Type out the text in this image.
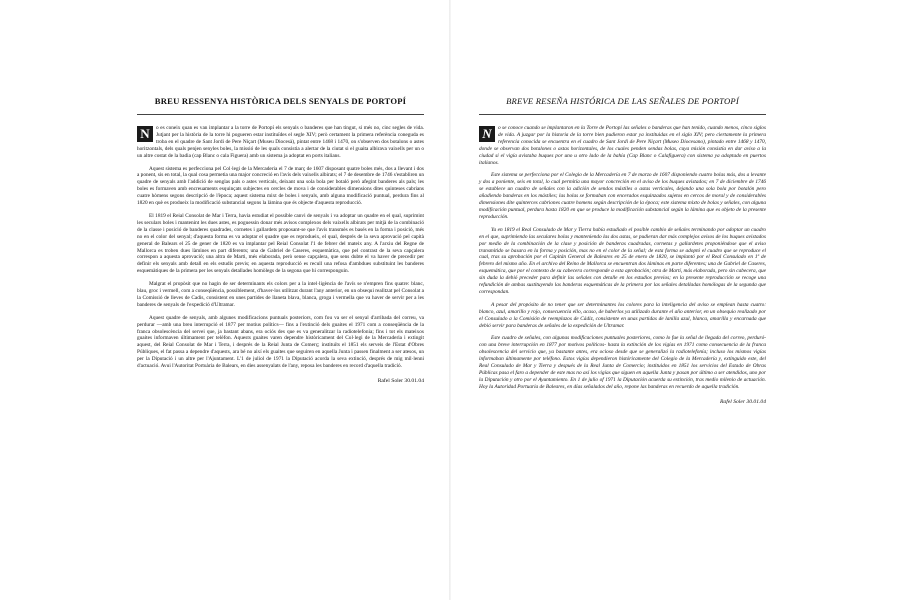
BREU RESSENYA HISTÒRICA DELS SENYALS DE PORTOPÍ

N	o es coneix quan es van implantar a la torre de Portopí els senyals o banderes que han tingut, si més no, cinc segles de vida. Jutjant per la història de la torre hi pogueren estar instituïdes el segle XIV; però certament la primera referència coneguda es troba en el quadre de Sant Jordi de Pere Niçart (Museu Diocesà), pintat entre 1468 i 1470, on s'observen dos botalons o astes horitzontals, dels quals penjen senyles boles, la missió de les quals consistia a alertar de la ciutat si el guaita albirava vaixells per un o un altre costat de la badia (cap Blanc o cala Figuera) amb un sistema ja adoptat en ports italians.

Aquest sistema es perfecciona pel Col·legi de la Mercaderia el 7 de març de 1607 disposant quatre boles més, dos a llevant i dos a ponent, sis en total, la qual cosa permetia una major concreció en l'avís dels vaixells albirats; el 7 de desembre de 1746 s'establiren un quadre de senyals amb l'addició de senglas pals o astes verticals, deixant una sola bola per botaló però afegint banderes als pals; les boles es formaven amb encreuaments esquinçats subjectes en cercles de mova i de considerables dimensions dites quinteses cabrians cuatre hòmens segons descripció de l'època; aquest sistema mixt de boles i senyals, amb alguna modificació puntual, perdura fins al 1820 en què es produeix la modificació substancial segons la làmina que és objecte d'aquesta reproducció.

El 1819 el Reial Consolat de Mar i Terra, havia estudiat el possible canvi de senyals i va adoptar un quadre en el qual, suprimint les seculars boles i mantenint les dues astes, es poguessin donar més avisos complexos dels vaixells albirats per mitjà de la combinació de la classe i posició de banderes quadrades, cornetes i gallardets proposant-se que l'avís transmès es basés en la forma i posició, més no en el color del senyal; d'aquesta forma es va adoptar el quadre que es reprodueix, el qual, després de la seva aprovació pel capità general de Balears el 25 de gener de 1820 es va implantar pel Reial Consolat l'1 de febrer del mateix any. A l'arxiu del Regne de Mallorca es troben dues làmines en part diferents; una de Gabriel de Caseres, esquemàtica, que pel contrast de la seva capçalera correspon a aquesta aprovació; una altra de Marti, més elaborada, però sense capçalera, que sens dubte el va haver de precedir per definir els senyals amb detall en els estudis previs; en aquesta reproducció es recull una refosa d'ambdues substituint les banderes esquemàtiques de la primera per les senyals detallades homòlegs de la segona que hi corresponguin.

Malgrat el propòsit que no hagin de ser determinants els colors per a la intel·ligència de l'avís se n'empren fins quatre: blanc, blau, groc i vermell, com a conseqüència, possiblement, d'haver-los utilitzat durant l'any anterior, en un obsequi realitzat pel Consolat a la Comissió de lleves de Cadis, consistent en unes partides de llaneta blava, blanca, groga i vermella que va haver de servir per a les banderes de senyals de l'expedició d'Ultramar.

Aquest quadre de senyals, amb algunes modificacions puntuals posteriors, com fou va ser el senyal d'arribada del correu, va perdurar —amb una breu interrupció el 1877 per motius polítics— fins a l'extinció dels guaites el 1971 com a conseqüència de la franca obsolescència del servei que, ja bastant abans, era ociós des que es va generalitzar la radiotelefonia; fins i tot els mateixos guaites informaven últimament per telèfon. Aquests guaites varen dependre històricament del Col·legi de la Mercaderia i extingit aquest, del Reial Consolat de Mar i Terra, i després de la Reial Junta de Comerç; instituïts el 1851 els serveis de l'Estat d'Obres Públiques, el fat passa a dependre d'aquests, ara bé no així els guaites que seguiren en aquella Junta i passen finalment a ser atesos, un per la Diputació i un altre per l'Ajuntament. L'1 de juliol de 1971 la Diputació acorda la seva extinció, després de mig mil·lenni d'actuació. Avui l'Autoritat Portuària de Balears, en dies assenyalats de l'any, reposa les banderes en record d'aquella tradició.

Rafel Soler 30.01.04
BREVE RESEÑA HISTÓRICA DE LAS SEÑALES DE PORTOPÍ

N	o se conoce cuando se implantaron en la Torre de Portopí las señales o banderas que han tenido, cuando menos, cinco siglos de vida. A juzgar por la historia de la torre bien pudieron estar ya instituidas en el siglo XIV; pero ciertamente la primera referencia conocida se encuentra en el cuadro de Sant Jordi de Pere Niçart (Museo Diocesano), pintado entre 1468 y 1470, donde se observan dos botalones o astas horizontales, de los cuales penden sendas bolas, cuya misión consistía en dar aviso a la ciudad si el vigía avistaba buques por uno u otro lado de la bahía (Cap Blanc o Calafiguera) con sistema ya adoptado en puertos italianos.

Este sistema se perfecciona por el Colegio de la Mercadería en 7 de marzo de 1607 disponiendo cuatro bolas más, dos a levante y dos a poniente, seis en total, lo cual permitía una mayor concreción en el aviso de los buques avistados; en 7 de diciembre de 1746 se establece un cuadro de señales con la adición de sendos mástiles o astas verticales, dejando una sola bola por botalón pero añadiendo banderas en los mástiles; las bolas se formaban con encerados esquinzados sujetos en cercos de moral y de considerables dimensiones dite quinterces cabriones cuatre homens según descripción de la época; este sistema mixto de bolas y señales, con alguna modificación puntual, perdura hasta 1820 en que se produce la modificación substancial según la lámina que es objeto de la presente reproducción.

Ya en 1819 el Real Consulado de Mar y Tierra había estudiado el posible cambio de señales terminando por adoptar un cuadro en el que, suprimiendo las seculares bolas y manteniendo las dos astas, se pudieran dar más complejos avisos de los buques avistados por medio de la combinación de la clase y posición de banderas cuadradas, cornetas y gallardetes proponiéndose que el aviso transmitido se basara en la forma y posición, mas no en el color de la señal; de esta forma se adoptó el cuadro que se reproduce el cual, tras su aprobación por el Capitán General de Baleares en 25 de enero de 1820, se implantó por el Real Consulado en 1º de febrero del mismo año. En el archivo del Reino de Mallorca se encuentran dos láminas en parte diferentes; una de Gabriel de Caseres, esquemática, que por el contexto de su cabecera corresponde a esta aprobación; otra de Martí, más elaborada, pero sin cabecera, que sin duda la debió preceder para definir las señales con detalle en los estudios previos; en la presente reproducción se recoge una refundición de ambas sustituyendo las banderas esquemáticas de la primera por las señales detalladas homólogas de la segunda que correspondan.

A pesar del propósito de no tener que ser determinantes los colores para la inteligencia del aviso se emplean hasta cuatro: blanco, azul, amarillo y rojo, consecuencia ello, acaso, de haberlos ya utilizado durante el año anterior, en un obsequio realizado por el Consulado a la Comisión de reemplazos de Cádiz, consistente en unas partidas de lanilla azul, blanca, amarilla y encarnada que debió servir para banderas de señales de la expedición de Ultramar.

Este cuadro de señales, con algunas modificaciones puntuales posteriores, como lo fue la señal de llegada del correo, perduró- con una breve interrupción en 1877 por motivos políticos- hasta la extinción de los vigías en 1971 como consecuencia de la franca obsolescencia del servicio que, ya bastante antes, era ocioso desde que se generalizó la radiotelefonía; incluso los mismos vigías informaban últimamente por teléfono. Estos vigías dependieron históricamente del Colegio de la Mercadería y, extinguido este, del Real Consulado de Mar y Tierra y después de la Real Junta de Comercio; instituidos en 1851 los servicios del Estado de Obras Públicas pasa el faro a depender de este mas no así los vigías que siguen en aquella Junta y pasan por último a ser atendidos, uno por la Diputación y otro por el Ayuntamiento. En 1 de julio of 1971 la Diputación acuerda su extinción, tras medio milenio de actuación. Hoy la Autoridad Portuaria de Baleares, en días señalados del año, repone las banderas en recuerdo de aquella tradición.

Rafel Soler 30.01.04
